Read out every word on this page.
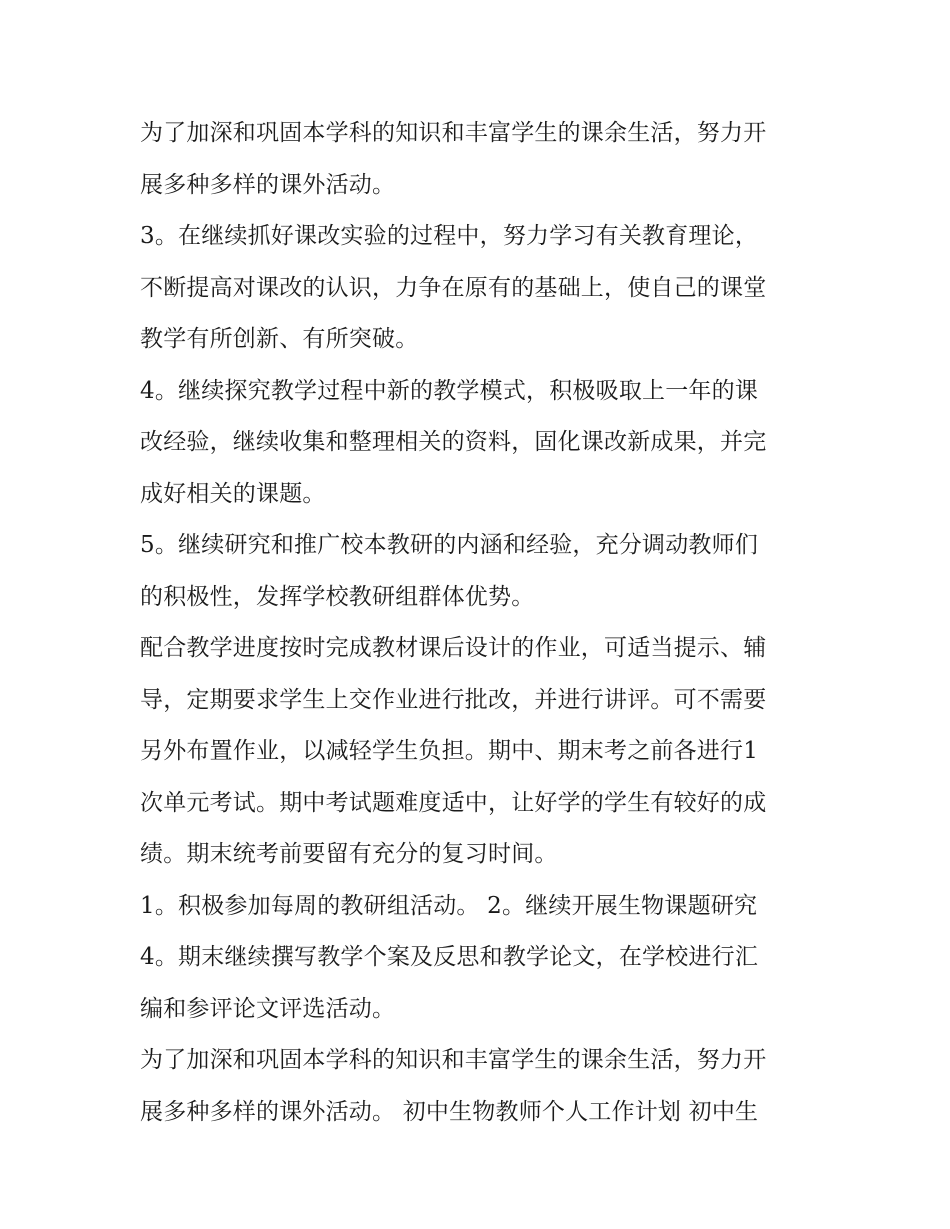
为了加深和巩固本学科的知识和丰富学生的课余生活，努力开
展多种多样的课外活动。
3。在继续抓好课改实验的过程中，努力学习有关教育理论，
不断提高对课改的认识，力争在原有的基础上，使自己的课堂
教学有所创新、有所突破。
4。继续探究教学过程中新的教学模式，积极吸取上一年的课
改经验，继续收集和整理相关的资料，固化课改新成果，并完
成好相关的课题。
5。继续研究和推广校本教研的内涵和经验，充分调动教师们
的积极性，发挥学校教研组群体优势。
配合教学进度按时完成教材课后设计的作业，可适当提示、辅
导，定期要求学生上交作业进行批改，并进行讲评。可不需要
另外布置作业，以减轻学生负担。期中、期末考之前各进行1
次单元考试。期中考试题难度适中，让好学的学生有较好的成
绩。期末统考前要留有充分的复习时间。
1。积极参加每周的教研组活动。 2。继续开展生物课题研究
4。期末继续撰写教学个案及反思和教学论文，在学校进行汇
编和参评论文评选活动。
为了加深和巩固本学科的知识和丰富学生的课余生活，努力开
展多种多样的课外活动。 初中生物教师个人工作计划 初中生
